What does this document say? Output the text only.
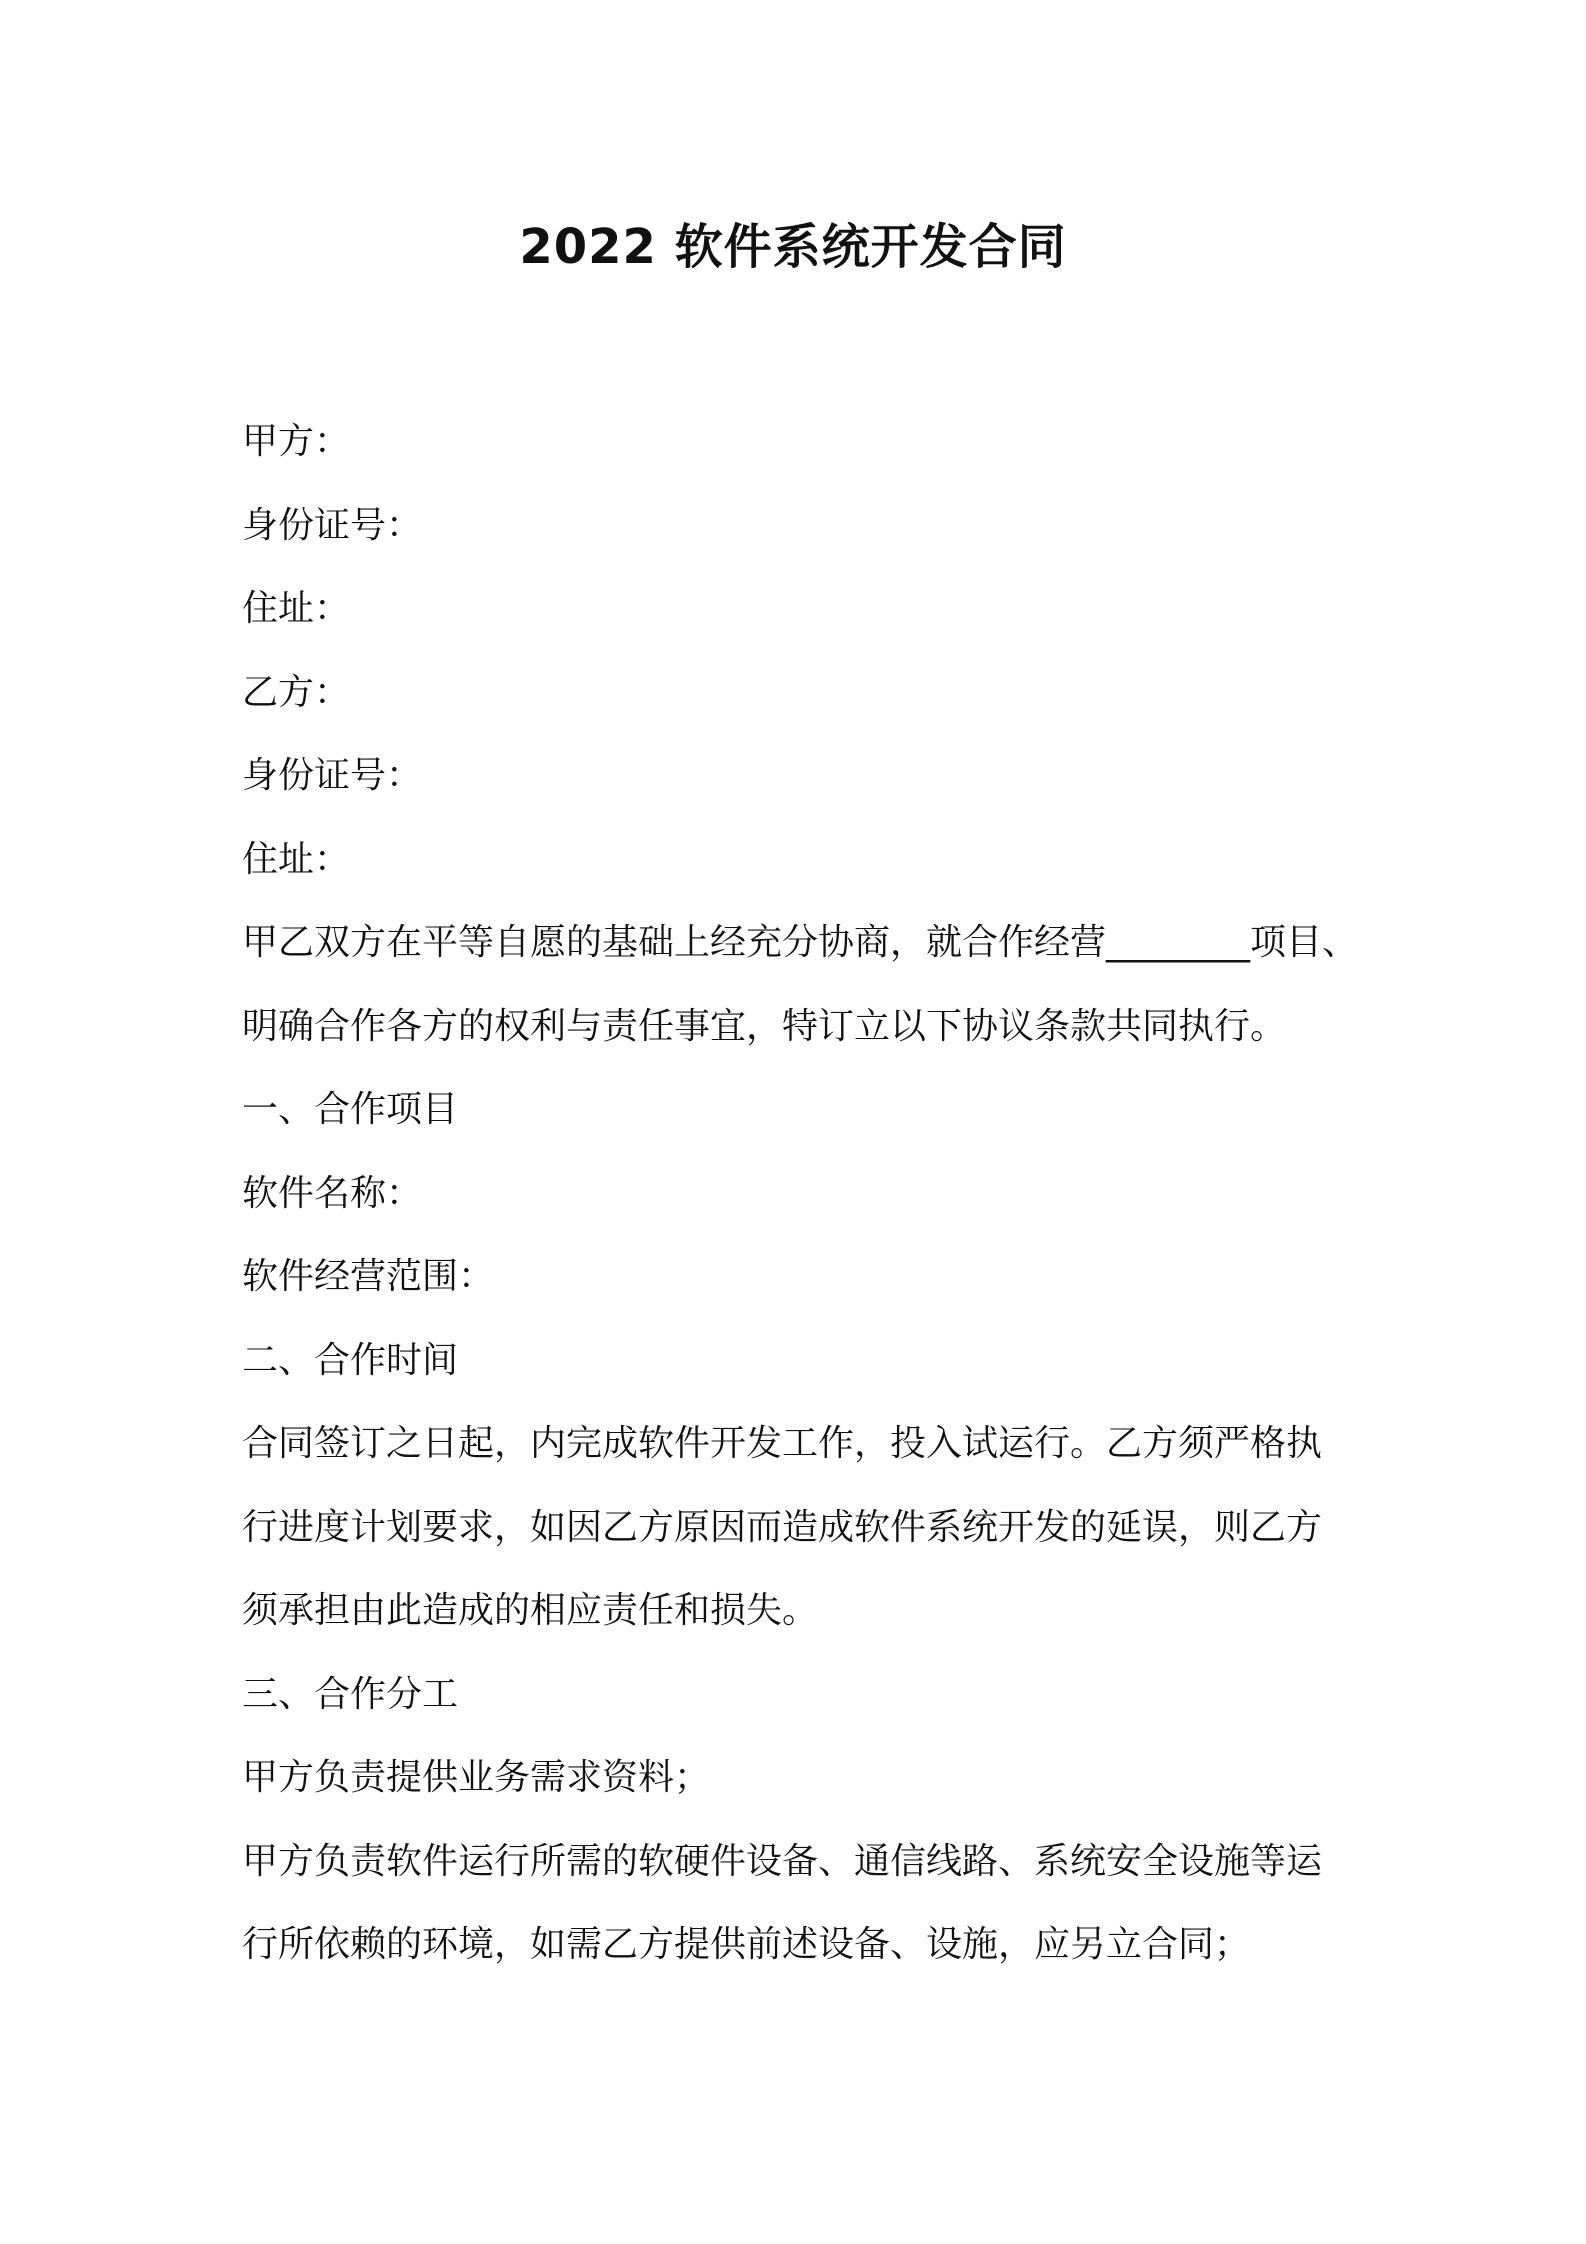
2022 软件系统开发合同
甲方：
身份证号：
住址：
乙方：
身份证号：
住址：
甲乙双方在平等自愿的基础上经充分协商，就合作经营________项目、
明确合作各方的权利与责任事宜，特订立以下协议条款共同执行。
一、合作项目
软件名称：
软件经营范围：
二、合作时间
合同签订之日起，内完成软件开发工作，投入试运行。乙方须严格执
行进度计划要求，如因乙方原因而造成软件系统开发的延误，则乙方
须承担由此造成的相应责任和损失。
三、合作分工
甲方负责提供业务需求资料；
甲方负责软件运行所需的软硬件设备、通信线路、系统安全设施等运
行所依赖的环境，如需乙方提供前述设备、设施，应另立合同；
